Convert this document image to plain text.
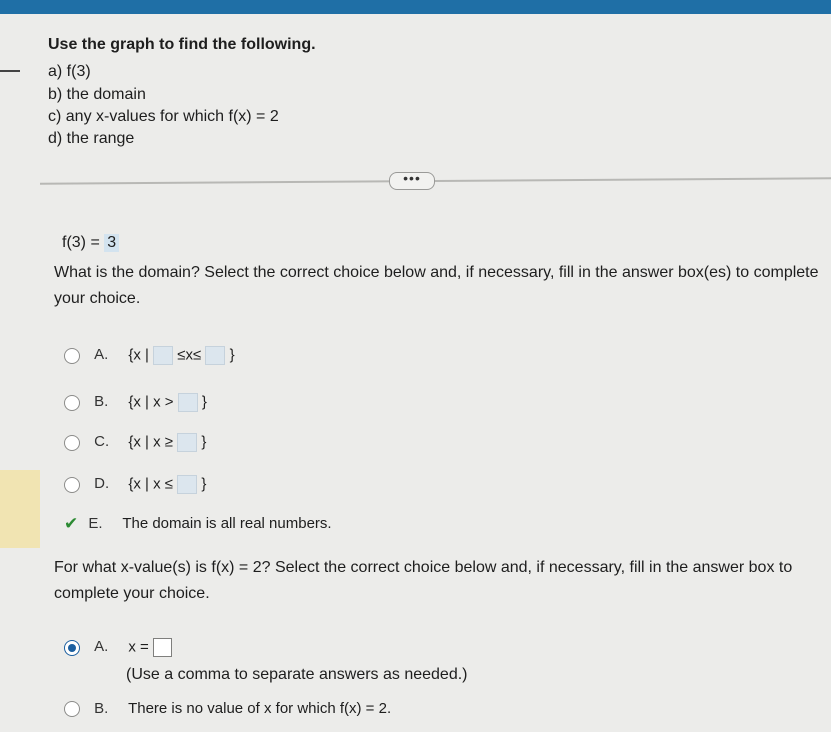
Use the graph to find the following.
a) f(3)
b) the domain
c) any x-values for which f(x) = 2
d) the range
•••
f(3) = 3
What is the domain? Select the correct choice below and, if necessary, fill in the answer box(es) to complete your choice.
A. {x | ≤x≤ }
B. {x | x > }
C. {x | x ≥ }
D. {x | x ≤ }
✔ E. The domain is all real numbers.
For what x-value(s) is f(x) = 2? Select the correct choice below and, if necessary, fill in the answer box to complete your choice.
A. x =
(Use a comma to separate answers as needed.)
B. There is no value of x for which f(x) = 2.
